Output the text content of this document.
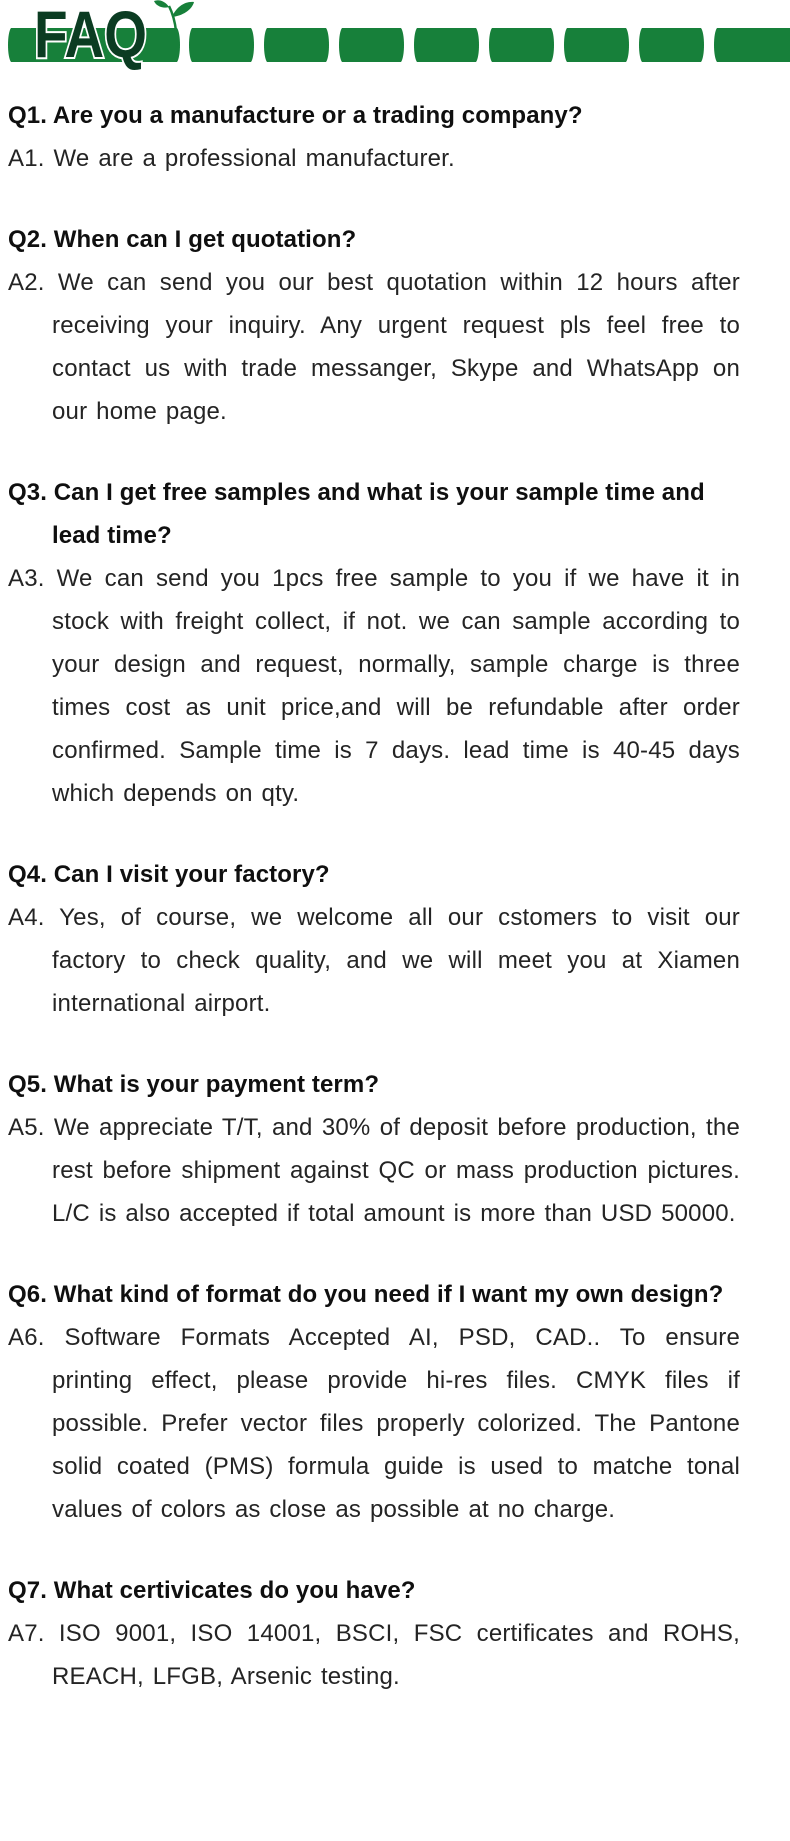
FAQ

Q1. Are you a manufacture or a trading company?

A1. We are a professional manufacturer.

Q2. When can I get quotation?

A2. We can send you our best quotation within 12 hours after receiving your inquiry. Any urgent request pls feel free to contact us with trade messanger, Skype and WhatsApp on our home page.

Q3. Can I get free samples and what is your sample time and lead time?

A3. We can send you 1pcs free sample to you if we have it in stock with freight collect, if not. we can sample according to your design and request, normally, sample charge is three times cost as unit price,and will be refundable after order confirmed. Sample time is 7 days. lead time is 40-45 days which depends on qty.

Q4. Can I visit your factory?

A4. Yes, of course, we welcome all our cstomers to visit our factory to check quality, and we will meet you at Xiamen international airport.

Q5. What is your payment term?

A5. We appreciate T/T, and 30% of deposit before production, the rest before shipment against QC or mass production pictures. L/C is also accepted if total amount is more than USD 50000.

Q6. What kind of format do you need if I want my own design?

A6. Software Formats Accepted AI, PSD, CAD.. To ensure printing effect, please provide hi-res files. CMYK files if possible. Prefer vector files properly colorized. The Pantone solid coated (PMS) formula guide is used to matche tonal values of colors as close as possible at no charge.

Q7. What certivicates do you have?

A7. ISO 9001, ISO 14001, BSCI, FSC certificates and ROHS, REACH, LFGB, Arsenic testing.
